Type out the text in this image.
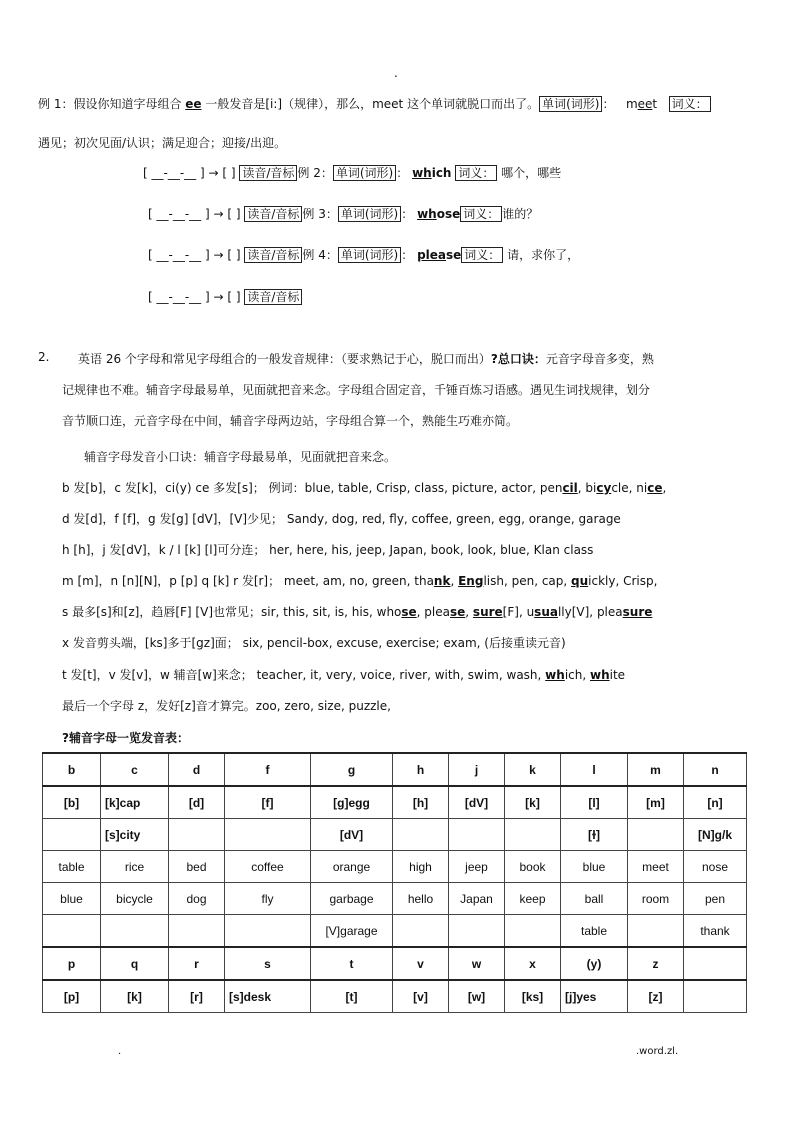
.
例 1：假设你知道字母组合 ee 一般发音是[i:]（规律），那么，meet 这个单词就脱口而出了。 单词(词形) ： meet 词义：
遇见；初次见面/认识；满足迎合；迎接/出迎。
[ __-__-__ ] → [ ] 读音/音标 例 2： 单词(词形) ： which 词义： 哪个，哪些
[ __-__-__ ] → [ ] 读音/音标 例 3： 单词(词形) ： whose 词义： 谁的？
[ __-__-__ ] → [ ] 读音/音标 例 4： 单词(词形) ： please 词义： 请，求你了，
[ __-__-__ ] → [ ] 读音/音标
2. 英语 26 个字母和常见字母组合的一般发音规律：（要求熟记于心，脱口而出）?总口诀：元音字母音多变，熟
记规律也不难。辅音字母最易单，见面就把音来念。字母组合固定音，千锤百炼习语感。遇见生词找规律，划分
音节顺口连，元音字母在中间，辅音字母两边站，字母组合算一个，熟能生巧难亦简。
辅音字母发音小口诀：辅音字母最易单，见面就把音来念。
b 发[b]，c 发[k]，ci(y) ce 多发[s]； 例词：blue, table, Crisp, class, picture, actor, pencil, bicycle, nice,
d 发[d]，f [f]，g 发[g] [dV]，[V]少见； Sandy, dog, red, fly, coffee, green, egg, orange, garage
h [h]，j 发[dV]，k / l [k] [l]可分连； her, here, his, jeep, Japan, book, look, blue, Klan class
m [m]，n [n][N]，p [p] q [k] r 发[r]； meet, am, no, green, thank, English, pen, cap, quickly, Crisp,
s 最多[s]和[z]，趋唇[F] [V]也常见；sir, this, sit, is, his, whose, please, sure[F], usually[V], pleasure
x 发音剪头端，[ks]多于[gz]面； six, pencil-box, excuse, exercise; exam, (后接重读元音)
t 发[t]，v 发[v]，w 辅音[w]来念； teacher, it, very, voice, river, with, swim, wash, which, white
最后一个字母 z，发好[z]音才算完。zoo, zero, size, puzzle,
?辅音字母一览发音表：
b	c	d	f	g	h	j	k	l	m	n
[b]	[k]cap	[d]	[f]	[g]egg	[h]	[dV]	[k]	[l]	[m]	[n]
	[s]city			[dV]				[ɫ]		[N]g/k
table	rice	bed	coffee	orange	high	jeep	book	blue	meet	nose
blue	bicycle	dog	fly	garbage	hello	Japan	keep	ball	room	pen
				[V]garage				table		thank
p	q	r	s	t	v	w	x	(y)	z	
[p]	[k]	[r]	[s]desk	[t]	[v]	[w]	[ks]	[j]yes	[z]	
.	.word.zl.
